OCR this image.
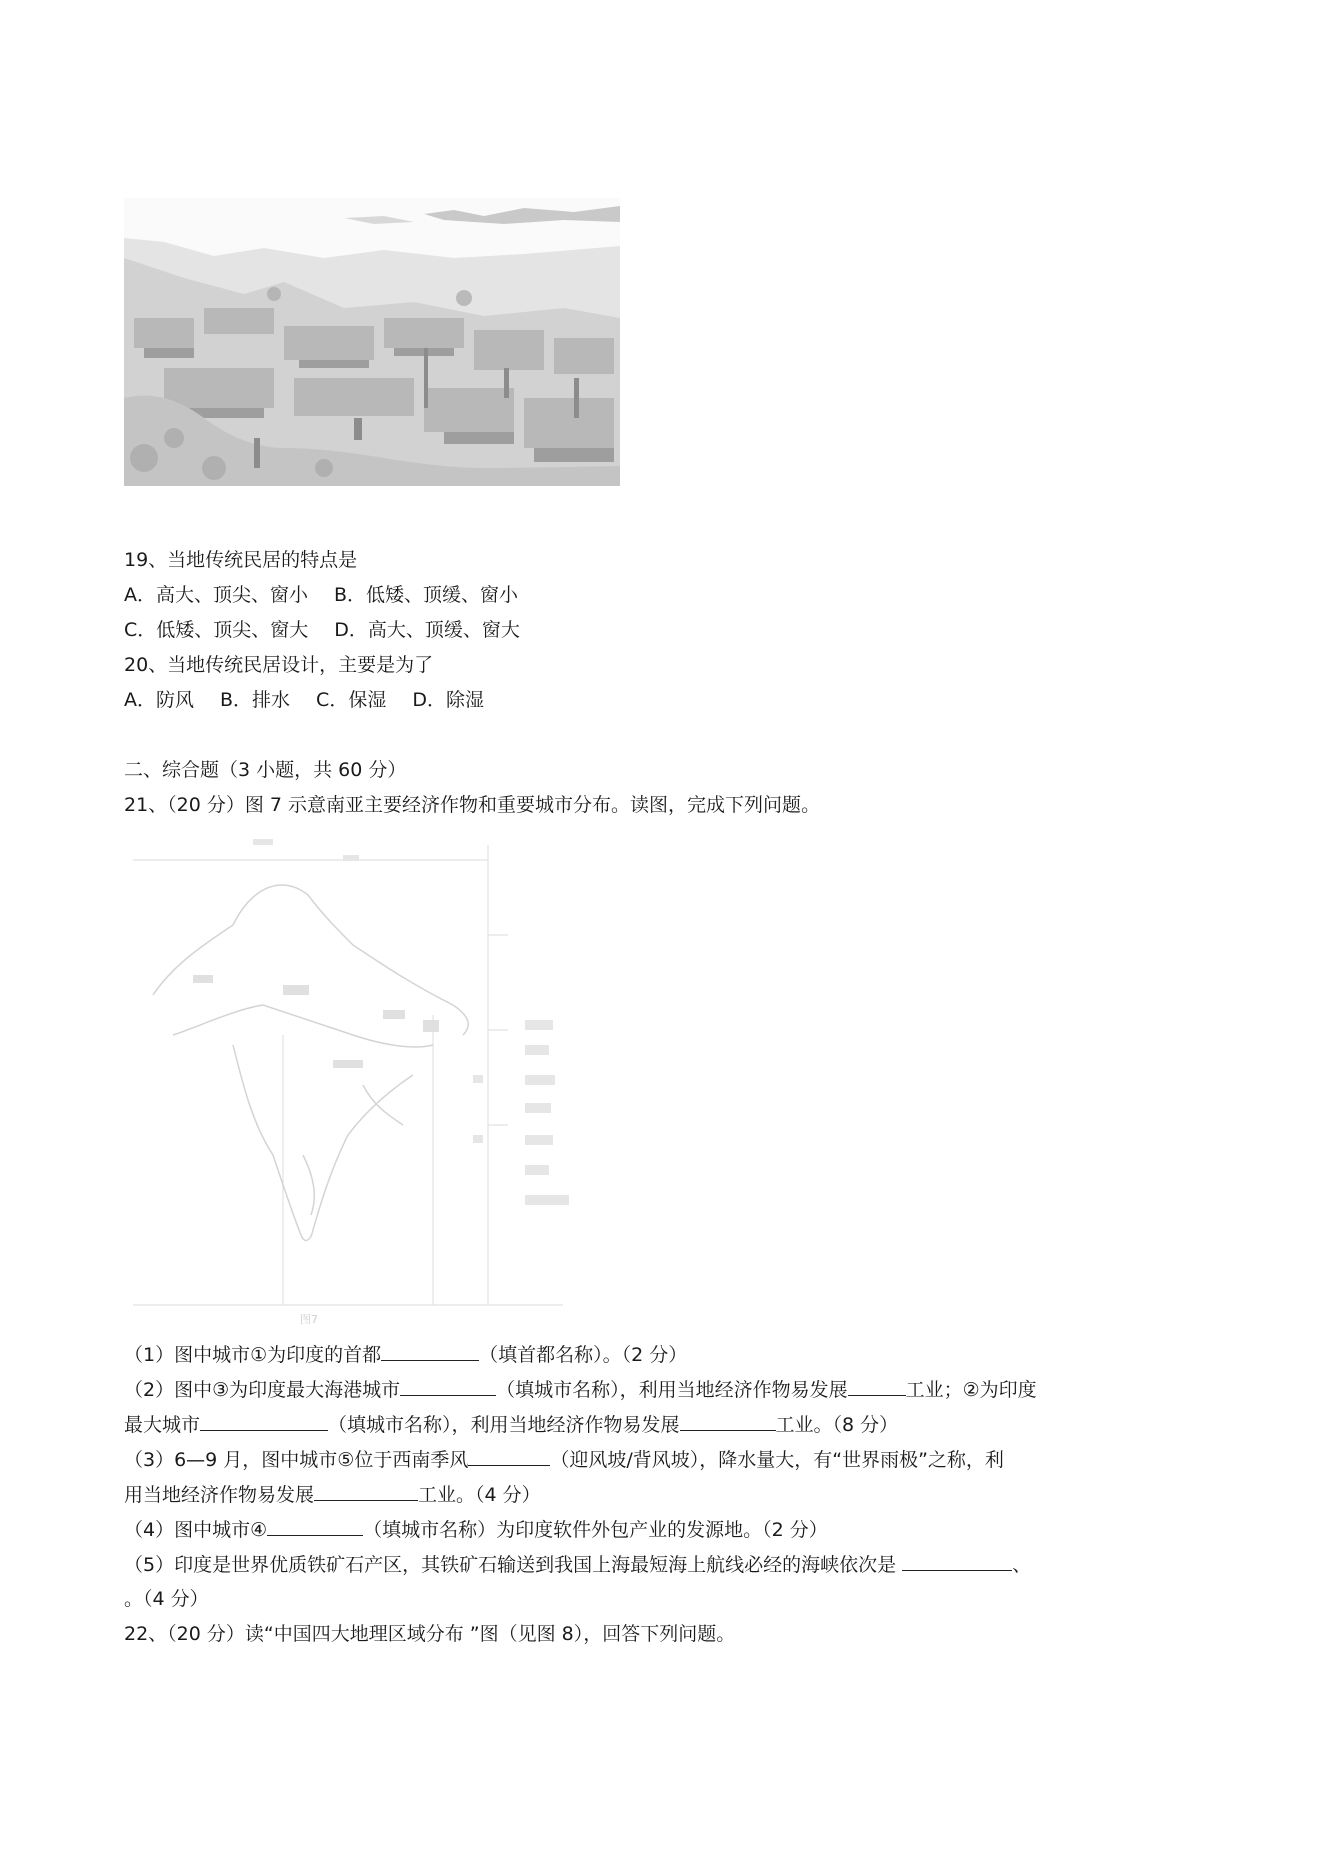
19、当地传统民居的特点是
A．高大、顶尖、窗小 B．低矮、顶缓、窗小
C．低矮、顶尖、窗大 D．高大、顶缓、窗大
20、当地传统民居设计，主要是为了
A．防风 B．排水 C．保湿 D．除湿
二、综合题（3 小题，共 60 分）
21、（20 分）图 7 示意南亚主要经济作物和重要城市分布。读图，完成下列问题。
图7
（1）图中城市①为印度的首都	（填首都名称）。（2 分）
（2）图中③为印度最大海港城市	（填城市名称），利用当地经济作物易发展	工业；②为印度
最大城市	（填城市名称），利用当地经济作物易发展	工业。（8 分）
（3）6—9 月，图中城市⑤位于西南季风	（迎风坡/背风坡），降水量大，有“世界雨极”之称，利
用当地经济作物易发展	工业。（4 分）
（4）图中城市④	（填城市名称）为印度软件外包产业的发源地。（2 分）
（5）印度是世界优质铁矿石产区，其铁矿石输送到我国上海最短海上航线必经的海峡依次是	、
。（4 分）
22、（20 分）读“中国四大地理区域分布 ”图（见图 8），回答下列问题。
